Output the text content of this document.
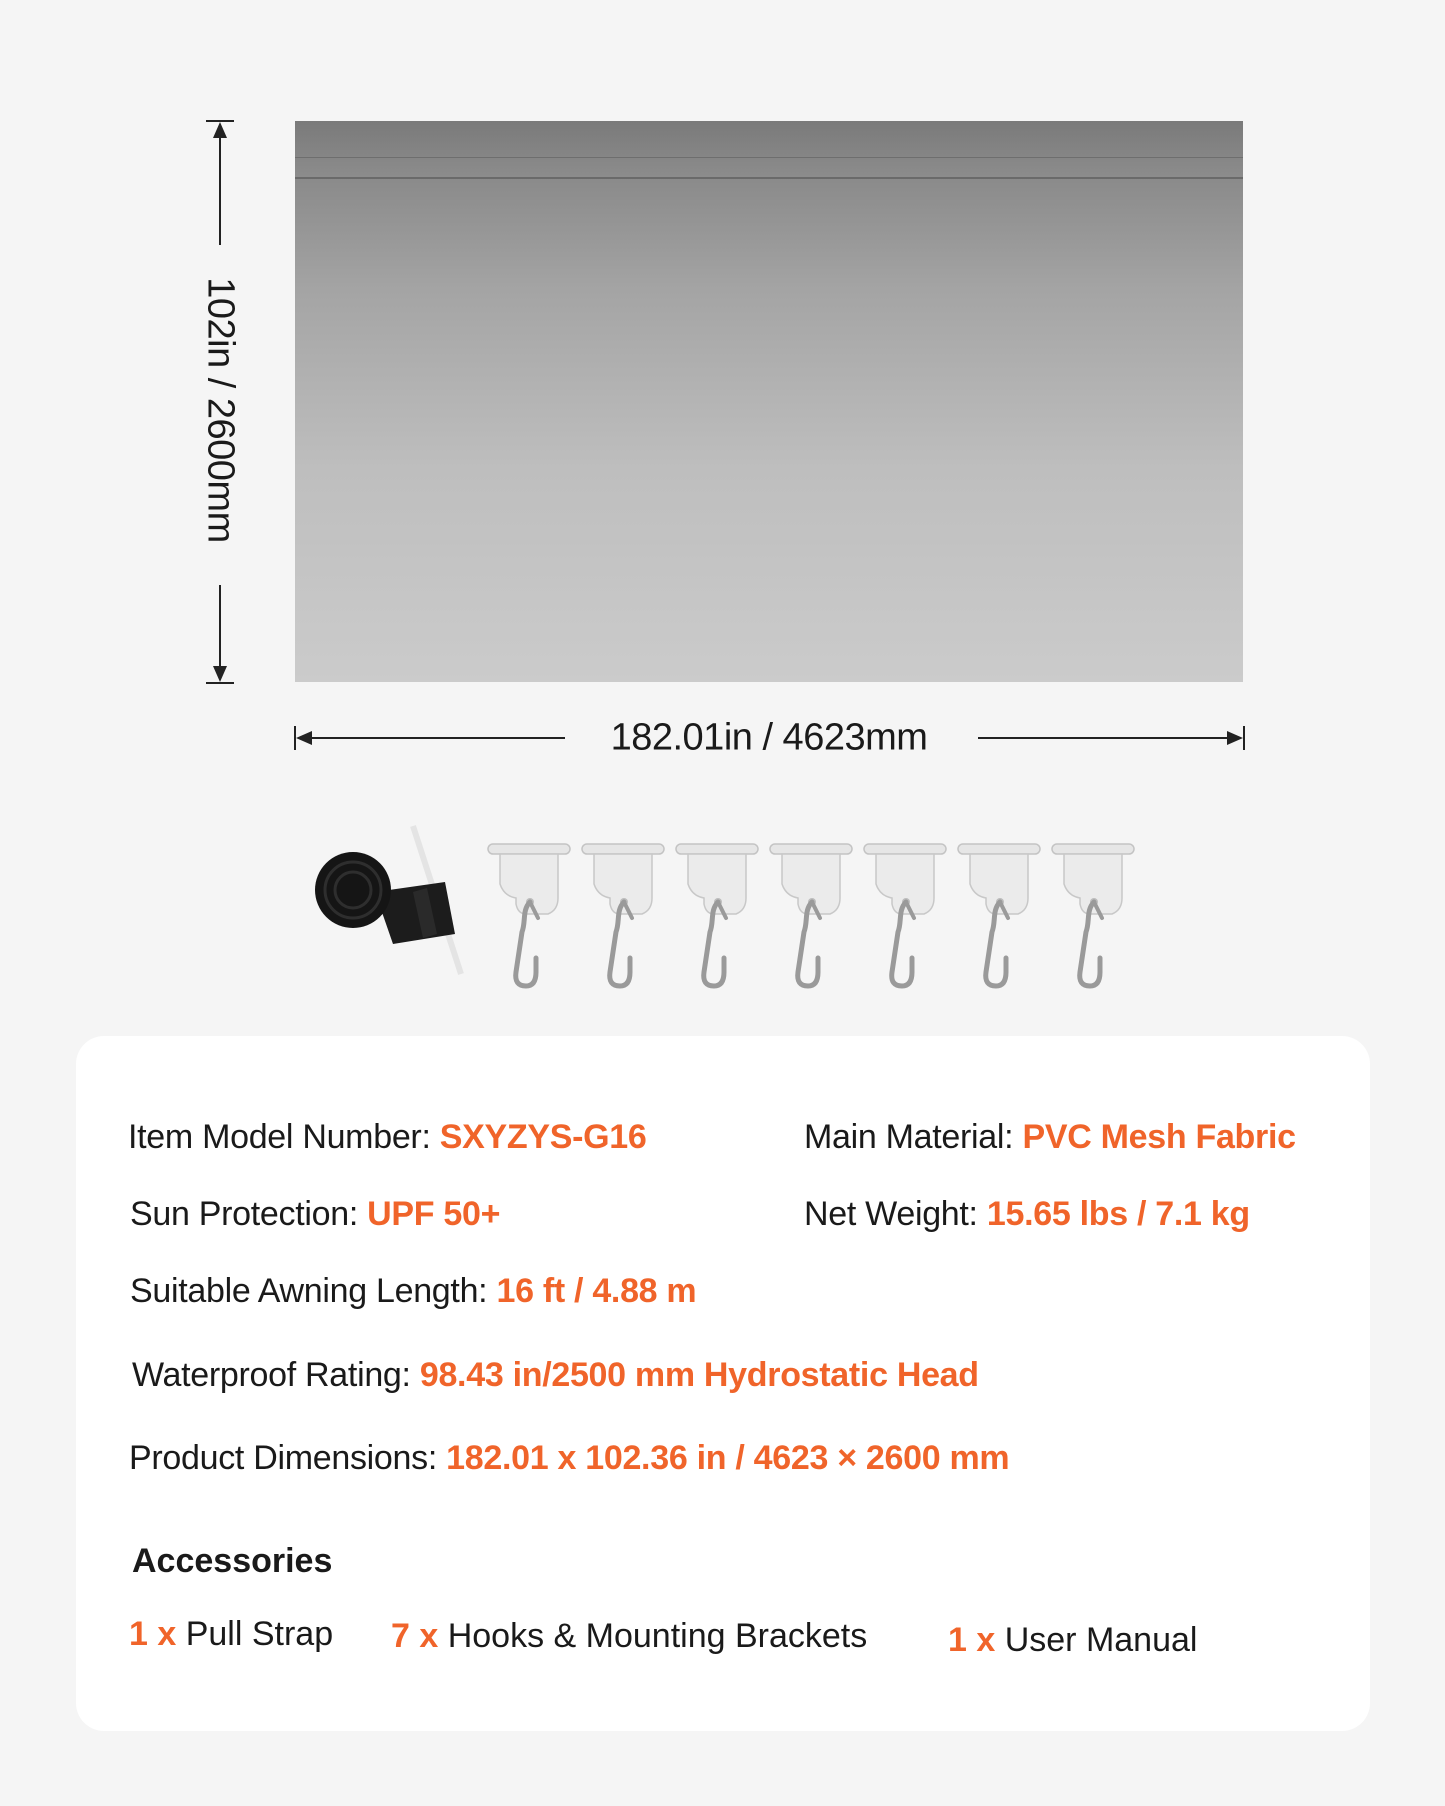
102in / 2600mm
182.01in / 4623mm
Item Model Number: SXYZYS-G16	Main Material: PVC Mesh Fabric
Sun Protection: UPF 50+	Net Weight: 15.65 lbs / 7.1 kg
Suitable Awning Length: 16 ft / 4.88 m
Waterproof Rating: 98.43 in/2500 mm Hydrostatic Head
Product Dimensions: 182.01 x 102.36 in / 4623 × 2600 mm
Accessories
1 x Pull Strap 7 x Hooks & Mounting Brackets 1 x User Manual
